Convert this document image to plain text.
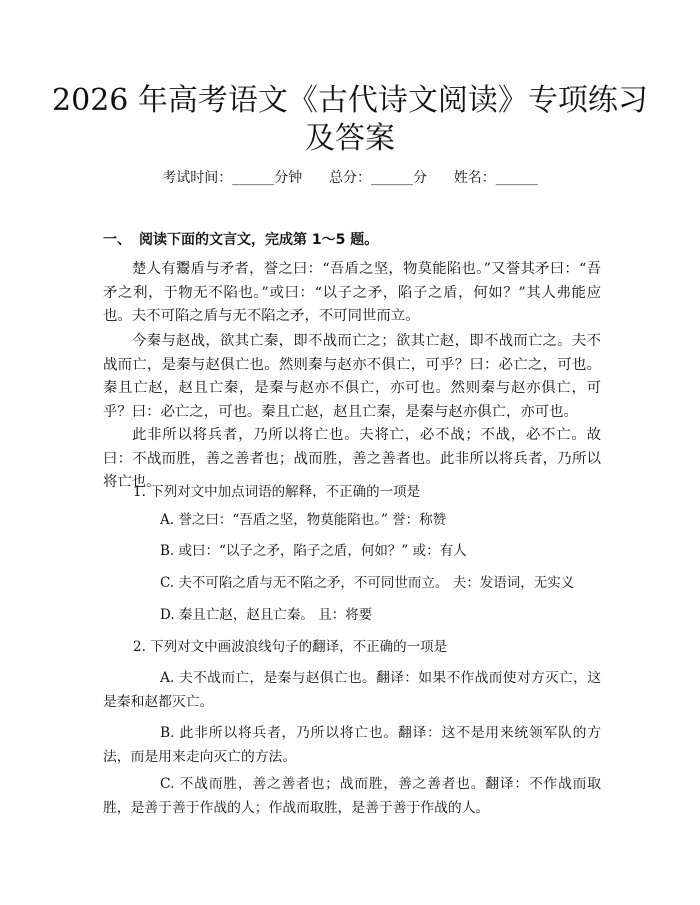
2026 年高考语文《古代诗文阅读》专项练习
及答案
考试时间：______分钟      总分：______分      姓名：______
一、 阅读下面的文言文，完成第 1～5 题。

楚人有鬻盾与矛者，誉之曰：“吾盾之坚，物莫能陷也。”又誉其矛曰：“吾矛之利，于物无不陷也。”或曰：“以子之矛，陷子之盾，何如？”其人弗能应也。夫不可陷之盾与无不陷之矛，不可同世而立。

今秦与赵战，欲其亡秦，即不战而亡之；欲其亡赵，即不战而亡之。夫不战而亡，是秦与赵俱亡也。然则秦与赵亦不俱亡，可乎？曰：必亡之，可也。秦且亡赵，赵且亡秦，是秦与赵亦不俱亡，亦可也。然则秦与赵亦俱亡，可乎？曰：必亡之，可也。秦且亡赵，赵且亡秦，是秦与赵亦俱亡，亦可也。

此非所以将兵者，乃所以将亡也。夫将亡，必不战；不战，必不亡。故曰：不战而胜，善之善者也；战而胜，善之善者也。此非所以将兵者，乃所以将亡也。

1. 下列对文中加点词语的解释，不正确的一项是

A. 誉之曰：“吾盾之坚，物莫能陷也。” 誉：称赞

B. 或曰：“以子之矛，陷子之盾，何如？” 或：有人

C. 夫不可陷之盾与无不陷之矛，不可同世而立。 夫：发语词，无实义

D. 秦且亡赵，赵且亡秦。 且：将要

2. 下列对文中画波浪线句子的翻译，不正确的一项是

A. 夫不战而亡，是秦与赵俱亡也。翻译：如果不作战而使对方灭亡，这是秦和赵都灭亡。

B. 此非所以将兵者，乃所以将亡也。翻译：这不是用来统领军队的方法，而是用来走向灭亡的方法。

C. 不战而胜，善之善者也；战而胜，善之善者也。翻译：不作战而取胜，是善于善于作战的人；作战而取胜，是善于善于作战的人。
